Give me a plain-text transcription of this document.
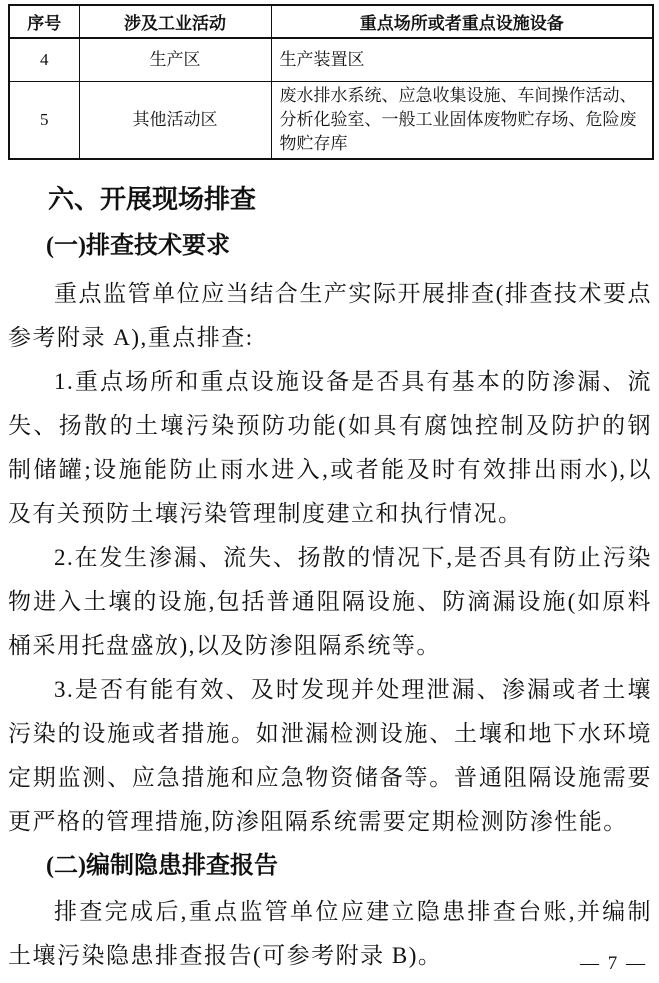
序号	涉及工业活动	重点场所或者重点设施设备
4	生产区	生产装置区
5	其他活动区	废水排水系统、应急收集设施、车间操作活动、分析化验室、一般工业固体废物贮存场、危险废物贮存库
六、开展现场排查
(一)排查技术要求

重点监管单位应当结合生产实际开展排查(排查技术要点参考附录 A),重点排查:

1.重点场所和重点设施设备是否具有基本的防渗漏、流失、扬散的土壤污染预防功能(如具有腐蚀控制及防护的钢制储罐;设施能防止雨水进入,或者能及时有效排出雨水),以及有关预防土壤污染管理制度建立和执行情况。

2.在发生渗漏、流失、扬散的情况下,是否具有防止污染物进入土壤的设施,包括普通阻隔设施、防滴漏设施(如原料桶采用托盘盛放),以及防渗阻隔系统等。

3.是否有能有效、及时发现并处理泄漏、渗漏或者土壤污染的设施或者措施。如泄漏检测设施、土壤和地下水环境定期监测、应急措施和应急物资储备等。普通阻隔设施需要更严格的管理措施,防渗阻隔系统需要定期检测防渗性能。

(二)编制隐患排查报告

排查完成后,重点监管单位应建立隐患排查台账,并编制土壤污染隐患排查报告(可参考附录 B)。	— 7 —
